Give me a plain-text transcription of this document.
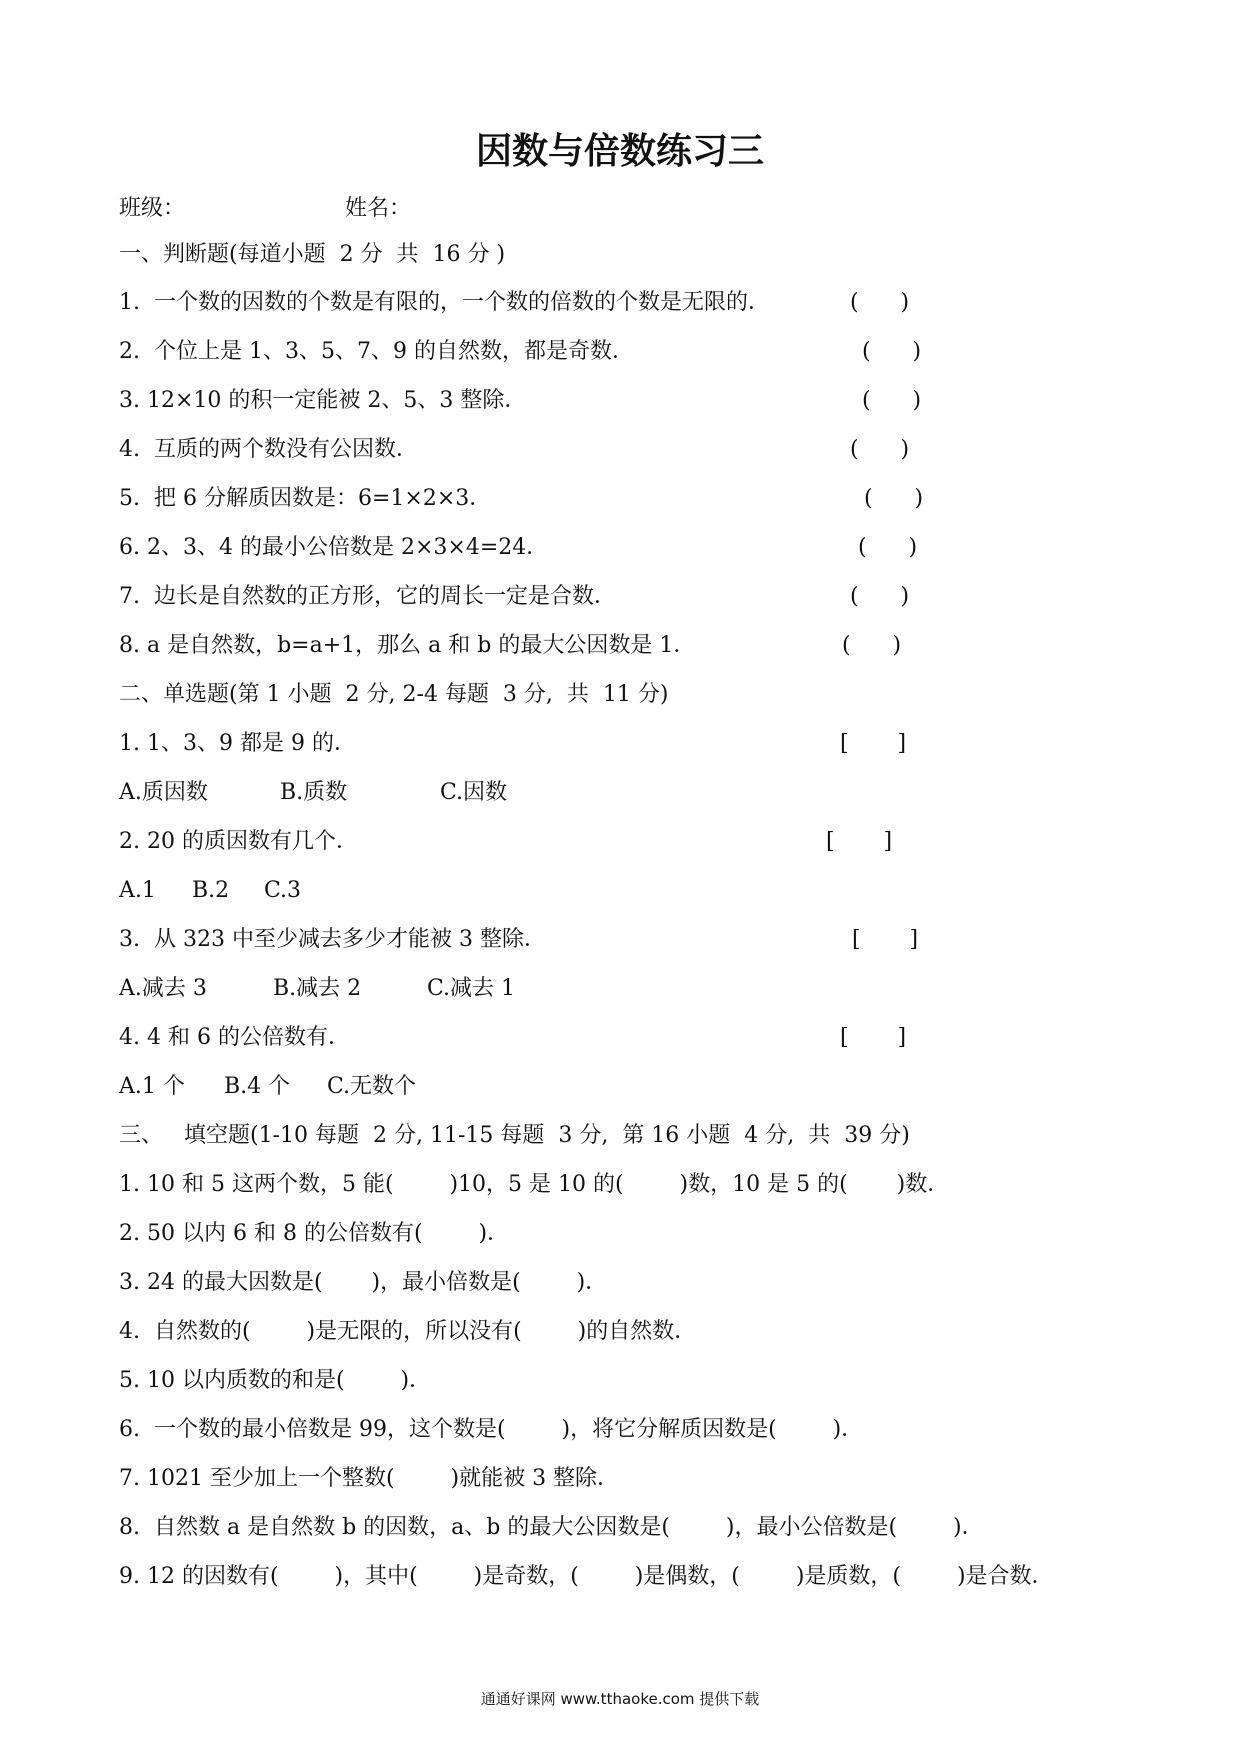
因数与倍数练习三
班级：	姓名：
一、判断题(每道小题  2 分  共  16 分 )
1.  一个数的因数的个数是有限的，一个数的倍数的个数是无限的．	(      )
2.  个位上是 1、3、5、7、9 的自然数，都是奇数．	(      )
3. 12×10 的积一定能被 2、5、3 整除．	(      )
4.  互质的两个数没有公因数．	(      )
5.  把 6 分解质因数是：6=1×2×3．	(      )
6. 2、3、4 的最小公倍数是 2×3×4=24．	(      )
7.  边长是自然数的正方形，它的周长一定是合数．	(      )
8. a 是自然数，b=a+1，那么 a 和 b 的最大公因数是 1．	(      )
二、单选题(第 1 小题  2 分, 2-4 每题  3 分,  共  11 分)
1. 1、3、9 都是 9 的．	[       ]
A.质因数	B.质数	C.因数
2. 20 的质因数有几个．	[       ]
A.1 B.2 C.3
3.  从 323 中至少减去多少才能被 3 整除．	[       ]
A.减去 3	B.减去 2	C.减去 1
4. 4 和 6 的公倍数有．	[       ]
A.1 个 B.4 个 C.无数个
三、   填空题(1-10 每题  2 分, 11-15 每题  3 分,  第 16 小题  4 分,  共  39 分)
1. 10 和 5 这两个数，5 能(        )10，5 是 10 的(        )数，10 是 5 的(       )数．
2. 50 以内 6 和 8 的公倍数有(        )．
3. 24 的最大因数是(       )，最小倍数是(        )．
4.  自然数的(        )是无限的，所以没有(        )的自然数．
5. 10 以内质数的和是(        )．
6.  一个数的最小倍数是 99，这个数是(        )，将它分解质因数是(        )．
7. 1021 至少加上一个整数(        )就能被 3 整除．
8.  自然数 a 是自然数 b 的因数，a、b 的最大公因数是(        )，最小公倍数是(        )．
9. 12 的因数有(        )，其中(        )是奇数，(        )是偶数，(        )是质数，(        )是合数．
通通好课网 www.tthaoke.com 提供下载
